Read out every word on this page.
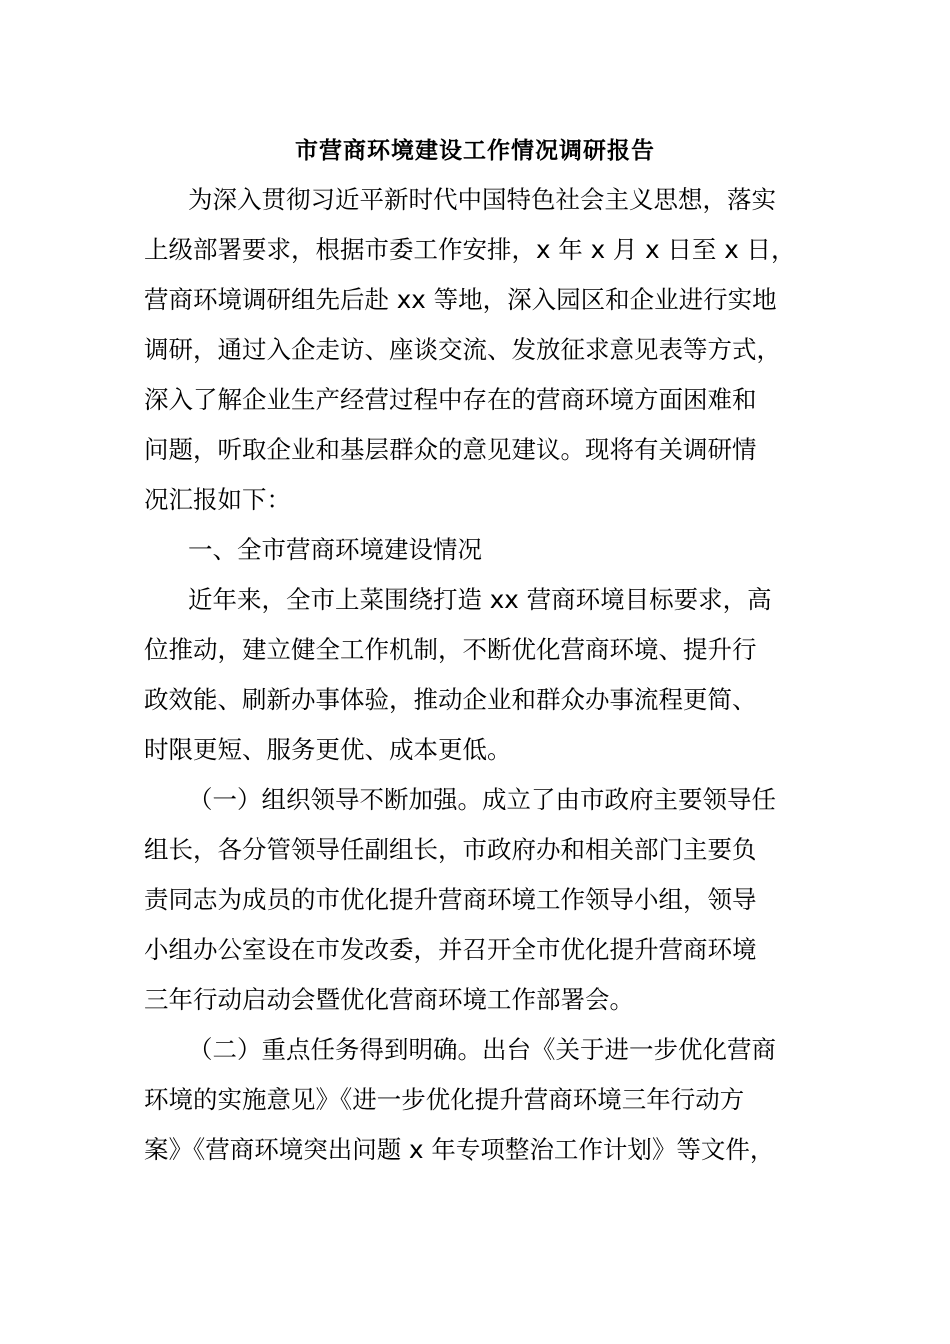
市营商环境建设工作情况调研报告
为深入贯彻习近平新时代中国特色社会主义思想，落实
上级部署要求，根据市委工作安排，x 年 x 月 x 日至 x 日，
营商环境调研组先后赴 xx 等地，深入园区和企业进行实地
调研，通过入企走访、座谈交流、发放征求意见表等方式，
深入了解企业生产经营过程中存在的营商环境方面困难和
问题，听取企业和基层群众的意见建议。现将有关调研情
况汇报如下：
一、全市营商环境建设情况
近年来，全市上菜围绕打造 xx 营商环境目标要求，高
位推动，建立健全工作机制，不断优化营商环境、提升行
政效能、刷新办事体验，推动企业和群众办事流程更简、
时限更短、服务更优、成本更低。
（一）组织领导不断加强。成立了由市政府主要领导任
组长，各分管领导任副组长，市政府办和相关部门主要负
责同志为成员的市优化提升营商环境工作领导小组，领导
小组办公室设在市发改委，并召开全市优化提升营商环境
三年行动启动会暨优化营商环境工作部署会。
（二）重点任务得到明确。出台《关于进一步优化营商
环境的实施意见》《进一步优化提升营商环境三年行动方
案》《营商环境突出问题 x 年专项整治工作计划》等文件，
